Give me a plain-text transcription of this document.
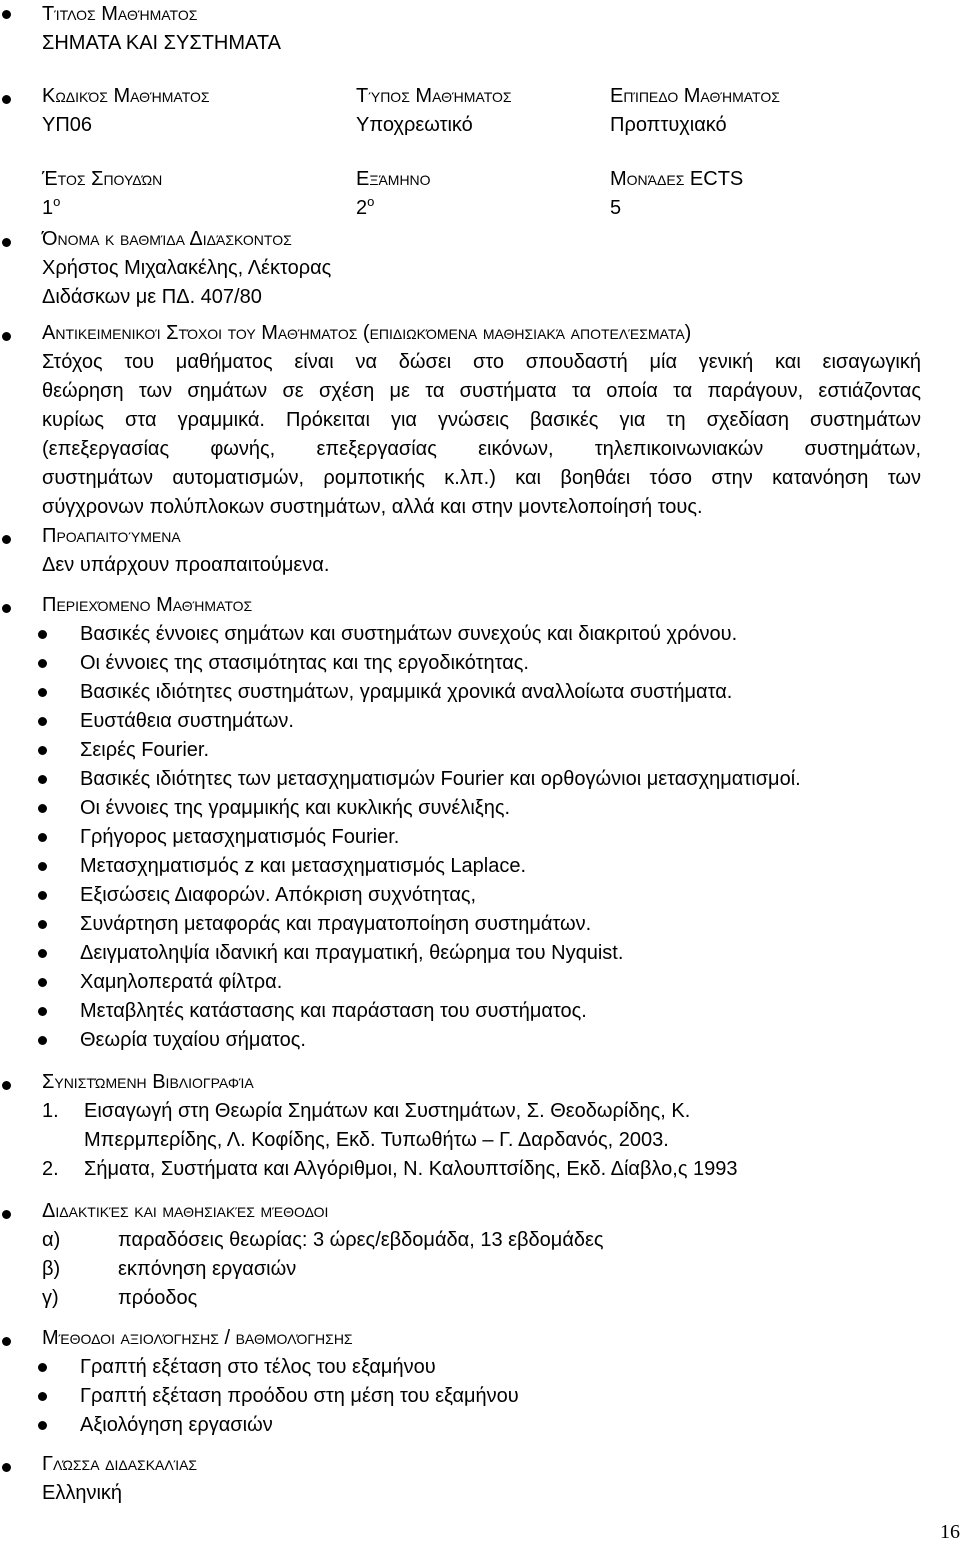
Τίτλος Μαθήματος
ΣΗΜΑΤΑ ΚΑΙ ΣΥΣΤΗΜΑΤΑ
Κωδικός Μαθήματος
ΥΠ06
Τύπος Μαθήματος
Υποχρεωτικό
Επίπεδο Μαθήματος
Προπτυχιακό
Έτος Σπουδών
$1^o$
Εξάμηνο
$2^o$
Μονάδες ECTS
5
Όνομα κ βαθμίδα Διδάσκοντος
Χρήστος Μιχαλακέλης, Λέκτορας
Διδάσκων με ΠΔ. 407/80
Αντικειμενικοί Στόχοι του Μαθήματος (επιδιωκόμενα μαθησιακά αποτελέσματα)
Στόχος του μαθήματος είναι να δώσει στο σπουδαστή μία γενική και εισαγωγική
θεώρηση των σημάτων σε σχέση με τα συστήματα τα οποία τα παράγουν, εστιάζοντας
κυρίως στα γραμμικά. Πρόκειται για γνώσεις βασικές για τη σχεδίαση συστημάτων
(επεξεργασίας φωνής, επεξεργασίας εικόνων, τηλεπικοινωνιακών συστημάτων,
συστημάτων αυτοματισμών, ρομποτικής κ.λπ.) και βοηθάει τόσο στην κατανόηση των
σύγχρονων πολύπλοκων συστημάτων, αλλά και στην μοντελοποίησή τους.
Προαπαιτούμενα
Δεν υπάρχουν προαπαιτούμενα.
Περιεχόμενο Μαθήματος
Βασικές έννοιες σημάτων και συστημάτων συνεχούς και διακριτού χρόνου.
Οι έννοιες της στασιμότητας και της εργοδικότητας.
Βασικές ιδιότητες συστημάτων, γραμμικά χρονικά αναλλοίωτα συστήματα.
Ευστάθεια συστημάτων.
Σειρές Fourier.
Βασικές ιδιότητες των μετασχηματισμών Fourier και ορθογώνιοι μετασχηματισμοί.
Οι έννοιες της γραμμικής και κυκλικής συνέλιξης.
Γρήγορος μετασχηματισμός Fourier.
Μετασχηματισμός z και μετασχηματισμός Laplace.
Εξισώσεις Διαφορών. Απόκριση συχνότητας,
Συνάρτηση μεταφοράς και πραγματοποίηση συστημάτων.
Δειγματοληψία ιδανική και πραγματική, θεώρημα του Nyquist.
Χαμηλοπερατά φίλτρα.
Μεταβλητές κατάστασης και παράσταση του συστήματος.
Θεωρία τυχαίου σήματος.
Συνιστώμενη Βιβλιογραφία
1. Εισαγωγή στη Θεωρία Σημάτων και Συστημάτων, Σ. Θεοδωρίδης, Κ.
Μπερμπερίδης, Λ. Κοφίδης, Εκδ. Τυπωθήτω – Γ. Δαρδανός, 2003.
2. Σήματα, Συστήματα και Αλγόριθμοι, Ν. Καλουπτσίδης, Εκδ. Δίαβλο,ς 1993
Διδακτικές και μαθησιακές μέθοδοι
α)	παραδόσεις θεωρίας: 3 ώρες/εβδομάδα, 13 εβδομάδες
β)	εκπόνηση εργασιών
γ)	πρόοδος
Μέθοδοι αξιολόγησης / βαθμολόγησης
Γραπτή εξέταση στο τέλος του εξαμήνου
Γραπτή εξέταση προόδου στη μέση του εξαμήνου
Αξιολόγηση εργασιών
Γλώσσα διδασκαλίας
Ελληνική
16
